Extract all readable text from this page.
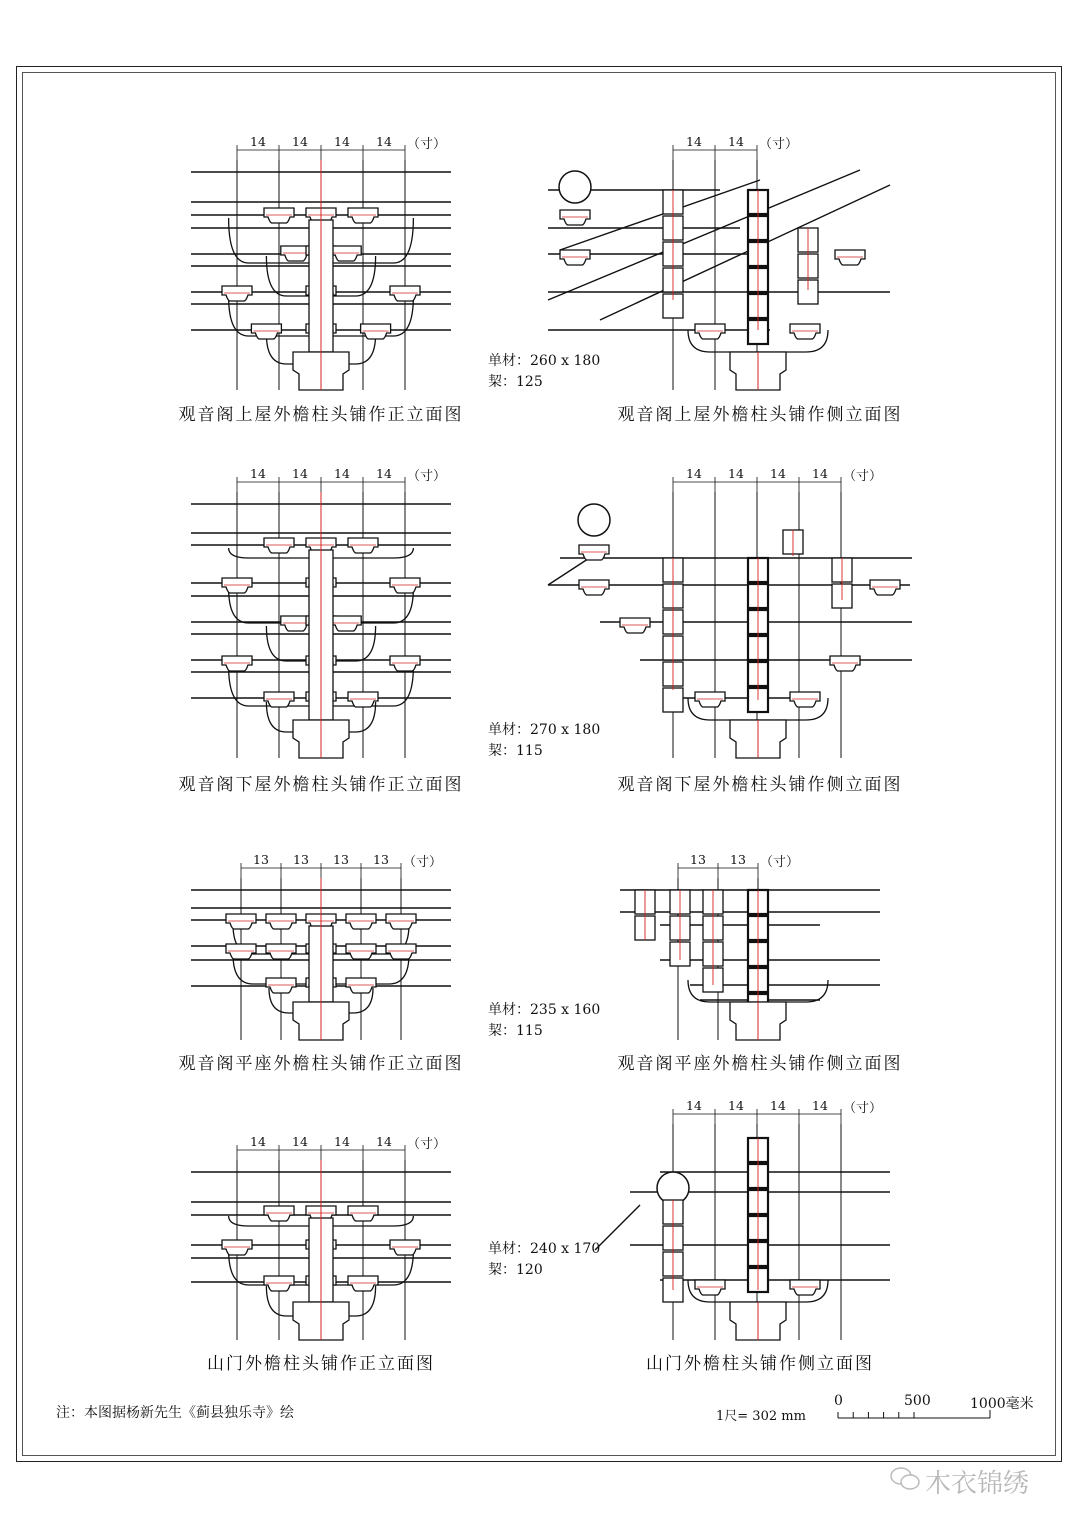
观音阁上屋外檐柱头铺作正立面图	观音阁上屋外檐柱头铺作侧立面图
观音阁下屋外檐柱头铺作正立面图	观音阁下屋外檐柱头铺作侧立面图
观音阁平座外檐柱头铺作正立面图	观音阁平座外檐柱头铺作侧立面图
山门外檐柱头铺作正立面图	山门外檐柱头铺作侧立面图
单材：260 x 180
栔：125
单材：270 x 180
栔：115
单材：235 x 160
栔：115
单材：240 x 170
栔：120
14 14 14 14 （寸）	14 14 （寸）
14 14 14 14 （寸）	14 14 14 14 （寸）
13 13 13 13 （寸）	13 13 （寸）
14 14 14 14 （寸）
14 14 14 14 （寸）
注：本图据杨新先生《蓟县独乐寺》绘	1尺= 302 mm
0	500	1000毫米
木衣锦绣
